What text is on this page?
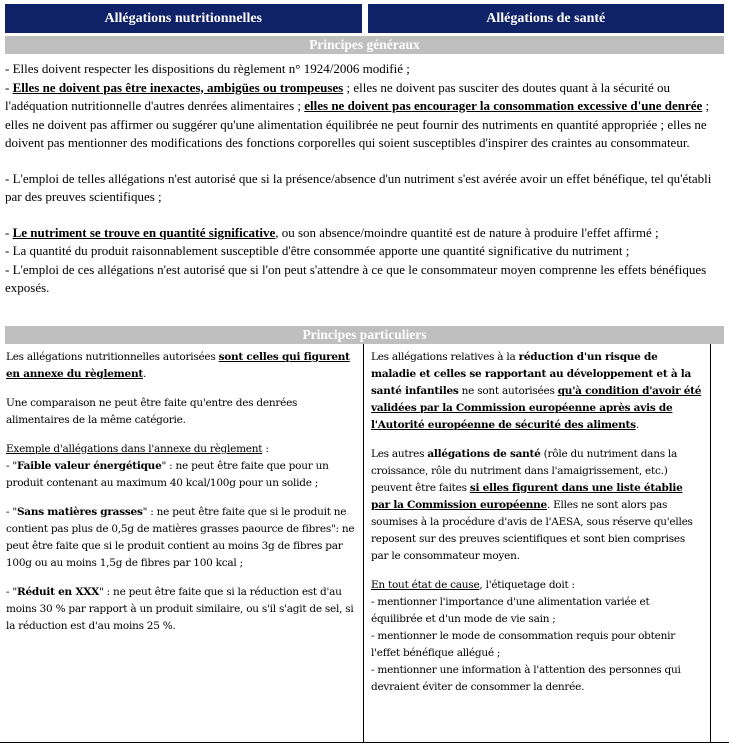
Allégations nutritionnelles	Allégations de santé
Principes généraux

- Elles doivent respecter les dispositions du règlement n° 1924/2006 modifié ;

- Elles ne doivent pas être inexactes, ambigües ou trompeuses ; elles ne doivent pas susciter des doutes quant à la sécurité ou l'adéquation nutritionnelle d'autres denrées alimentaires ; elles ne doivent pas encourager la consommation excessive d'une denrée ; elles ne doivent pas affirmer ou suggérer qu'une alimentation équilibrée ne peut fournir des nutriments en quantité appropriée ; elles ne doivent pas mentionner des modifications des fonctions corporelles qui soient susceptibles d'inspirer des craintes au consommateur.

- L'emploi de telles allégations n'est autorisé que si la présence/absence d'un nutriment s'est avérée avoir un effet bénéfique, tel qu'établi par des preuves scientifiques ;

- Le nutriment se trouve en quantité significative, ou son absence/moindre quantité est de nature à produire l'effet affirmé ;

- La quantité du produit raisonnablement susceptible d'être consommée apporte une quantité significative du nutriment ;

- L'emploi de ces allégations n'est autorisé que si l'on peut s'attendre à ce que le consommateur moyen comprenne les effets bénéfiques exposés.

Principes particuliers

Les allégations nutritionnelles autorisées sont celles qui figurent en annexe du règlement.

Une comparaison ne peut être faite qu'entre des denrées alimentaires de la même catégorie.

Exemple d'allégations dans l'annexe du règlement :

- "Faible valeur énergétique" : ne peut être faite que pour un produit contenant au maximum 40 kcal/100g pour un solide ;

- "Sans matières grasses" : ne peut être faite que si le produit ne contient pas plus de 0,5g de matières grasses paource de fibres": ne peut être faite que si le produit contient au moins 3g de fibres par 100g ou au moins 1,5g de fibres par 100 kcal ;

- "Réduit en XXX" : ne peut être faite que si la réduction est d'au moins 30 % par rapport à un produit similaire, ou s'il s'agit de sel, si la réduction est d'au moins 25 %.

Les allégations relatives à la réduction d'un risque de maladie et celles se rapportant au développement et à la santé infantiles ne sont autorisées qu'à condition d'avoir été validées par la Commission européenne après avis de l'Autorité européenne de sécurité des aliments.

Les autres allégations de santé (rôle du nutriment dans la croissance, rôle du nutriment dans l'amaigrissement, etc.) peuvent être faites si elles figurent dans une liste établie par la Commission européenne. Elles ne sont alors pas soumises à la procédure d'avis de l'AESA, sous réserve qu'elles reposent sur des preuves scientifiques et sont bien comprises par le consommateur moyen.

En tout état de cause, l'étiquetage doit :

- mentionner l'importance d'une alimentation variée et équilibrée et d'un mode de vie sain ;

- mentionner le mode de consommation requis pour obtenir l'effet bénéfique allégué ;

- mentionner une information à l'attention des personnes qui devraient éviter de consommer la denrée.
